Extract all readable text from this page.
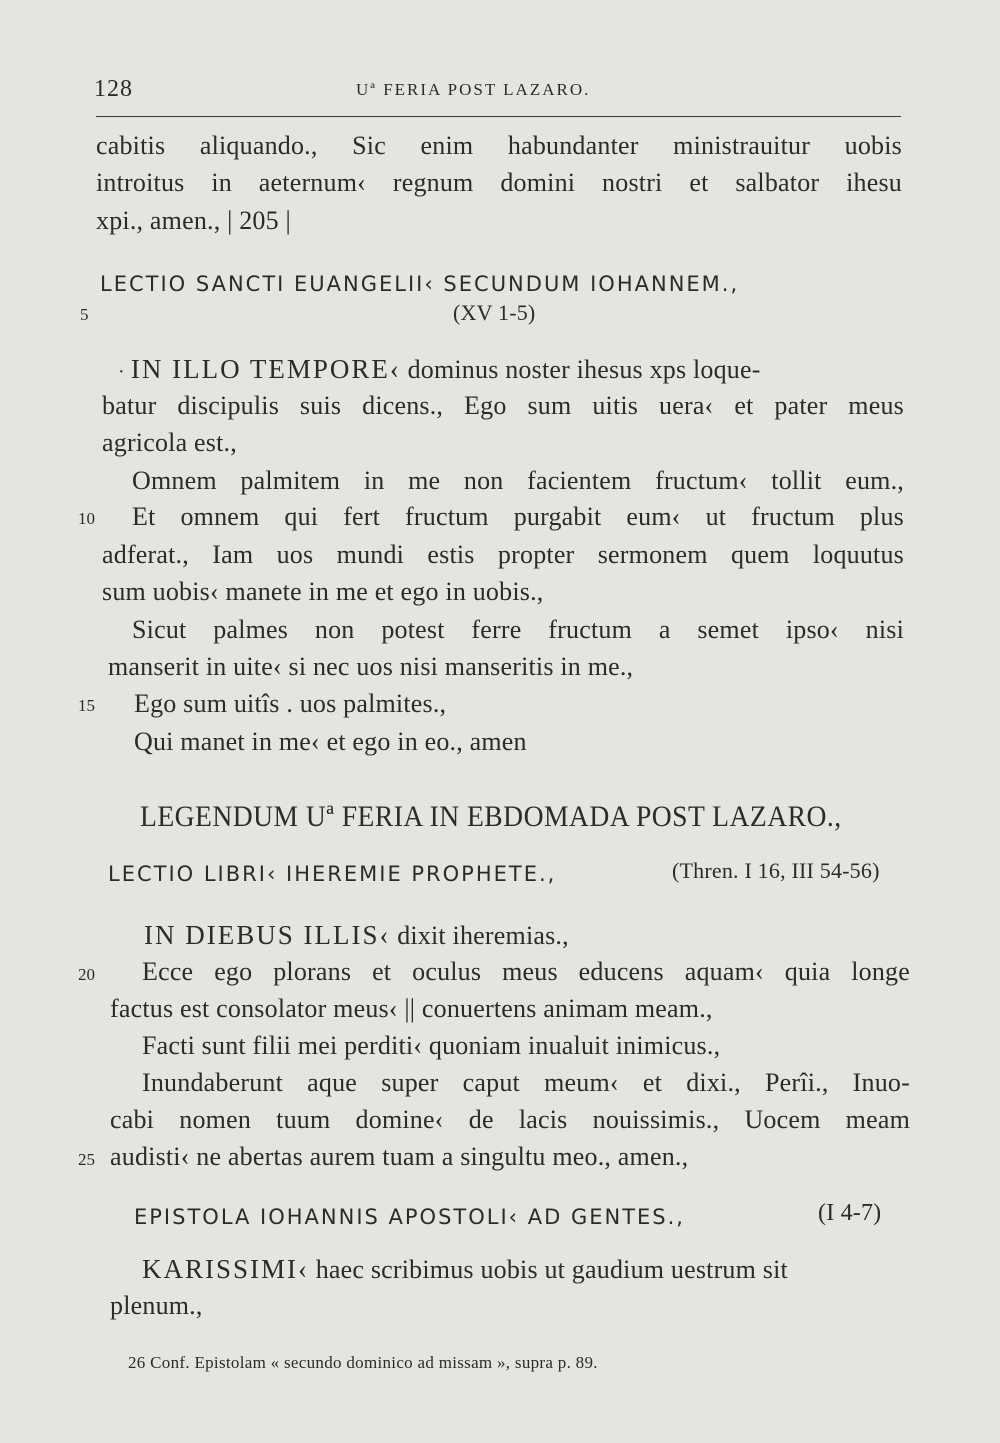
128	Uª FERIA POST LAZARO.
cabitis aliquando., Sic enim habundanter ministrauitur uobis
introitus in aeternum‹ regnum domini nostri et salbator ihesu
xpi., amen., | 205 |
LECTIO SANCTI EUANGELII‹ SECUNDUM IOHANNEM.,
(XV 1-5)
5
· IN ILLO TEMPORE‹ dominus noster ihesus xps loque-
batur discipulis suis dicens., Ego sum uitis uera‹ et pater meus
agricola est.,
Omnem palmitem in me non facientem fructum‹ tollit eum.,
10 Et omnem qui fert fructum purgabit eum‹ ut fructum plus
adferat., Iam uos mundi estis propter sermonem quem loquutus
sum uobis‹ manete in me et ego in uobis.,
Sicut palmes non potest ferre fructum a semet ipso‹ nisi
manserit in uite‹ si nec uos nisi manseritis in me.,
15 Ego sum uitîs . uos palmites.,
Qui manet in me‹ et ego in eo., amen
LEGENDUM Uª FERIA IN EBDOMADA POST LAZARO.,
LECTIO LIBRI‹ IHEREMIE PROPHETE.,	(Thren. I 16, III 54-56)
IN DIEBUS ILLIS‹ dixit iheremias.,
20 Ecce ego plorans et oculus meus educens aquam‹ quia longe
factus est consolator meus‹ || conuertens animam meam.,
Facti sunt filii mei perditi‹ quoniam inualuit inimicus.,
Inundaberunt aque super caput meum‹ et dixi., Perîi., Inuo-
cabi nomen tuum domine‹ de lacis nouissimis., Uocem meam
25 audisti‹ ne abertas aurem tuam a singultu meo., amen.,
EPISTOLA IOHANNIS APOSTOLI‹ AD GENTES.,	(I 4-7)
KARISSIMI‹ haec scribimus uobis ut gaudium uestrum sit
plenum.,
26 Conf. Epistolam « secundo dominico ad missam », supra p. 89.
